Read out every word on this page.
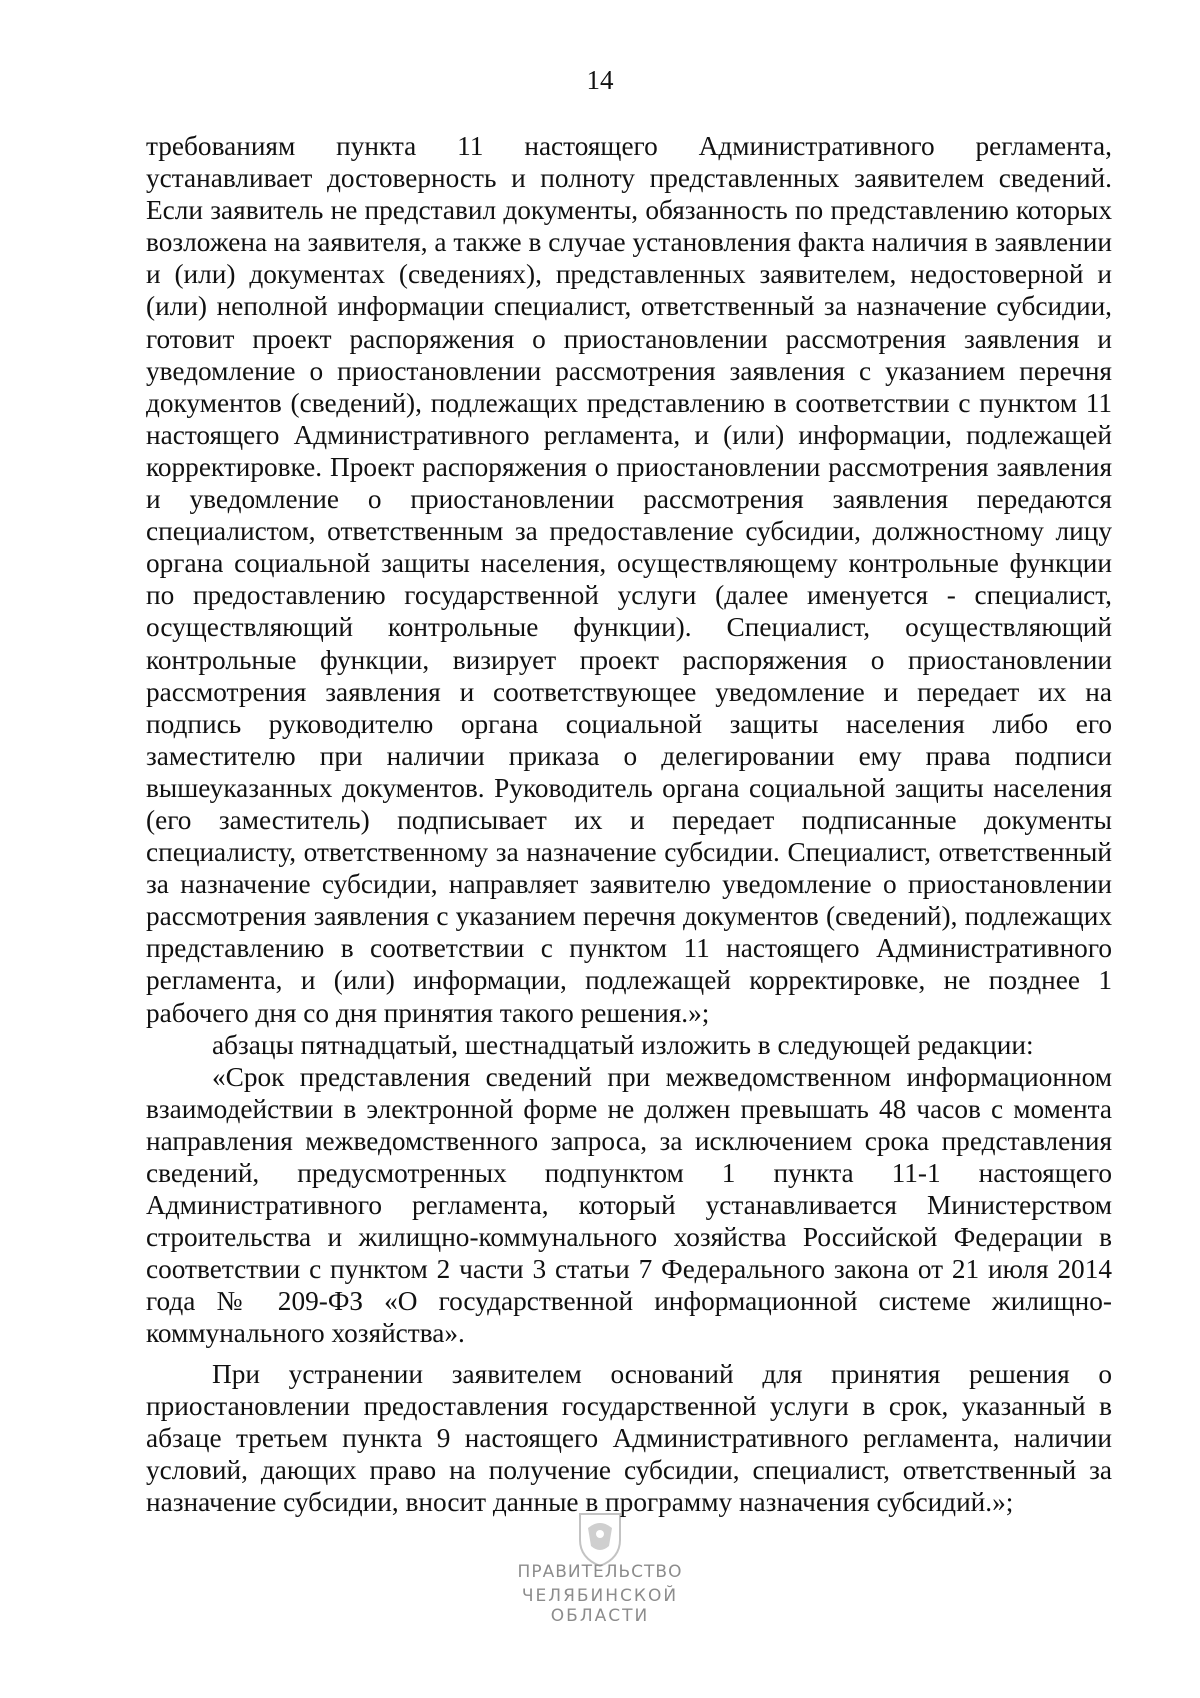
14

требованиям пункта 11 настоящего Административного регламента, устанавливает достоверность и полноту представленных заявителем сведений. Если заявитель не представил документы, обязанность по представлению которых возложена на заявителя, а также в случае установления факта наличия в заявлении и (или) документах (сведениях), представленных заявителем, недостоверной и (или) неполной информации специалист, ответственный за назначение субсидии, готовит проект распоряжения о приостановлении рассмотрения заявления и уведомление о приостановлении рассмотрения заявления с указанием перечня документов (сведений), подлежащих представлению в соответствии с пунктом 11 настоящего Административного регламента, и (или) информации, подлежащей корректировке. Проект распоряжения о приостановлении рассмотрения заявления и уведомление о приостановлении рассмотрения заявления передаются специалистом, ответственным за предоставление субсидии, должностному лицу органа социальной защиты населения, осуществляющему контрольные функции по предоставлению государственной услуги (далее именуется - специалист, осуществляющий контрольные функции). Специалист, осуществляющий контрольные функции, визирует проект распоряжения о приостановлении рассмотрения заявления и соответствующее уведомление и передает их на подпись руководителю органа социальной защиты населения либо его заместителю при наличии приказа о делегировании ему права подписи вышеуказанных документов. Руководитель органа социальной защиты населения (его заместитель) подписывает их и передает подписанные документы специалисту, ответственному за назначение субсидии. Специалист, ответственный за назначение субсидии, направляет заявителю уведомление о приостановлении рассмотрения заявления с указанием перечня документов (сведений), подлежащих представлению в соответствии с пунктом 11 настоящего Административного регламента, и (или) информации, подлежащей корректировке, не позднее 1 рабочего дня со дня принятия такого решения.»;

абзацы пятнадцатый, шестнадцатый изложить в следующей редакции:

«Срок представления сведений при межведомственном информационном взаимодействии в электронной форме не должен превышать 48 часов с момента направления межведомственного запроса, за исключением срока представления сведений, предусмотренных подпунктом 1 пункта 11-1 настоящего Административного регламента, который устанавливается Министерством строительства и жилищно-коммунального хозяйства Российской Федерации в соответствии с пунктом 2 части 3 статьи 7 Федерального закона от 21 июля 2014 года № 209-ФЗ «О государственной информационной системе жилищно-коммунального хозяйства».

При устранении заявителем оснований для принятия решения о приостановлении предоставления государственной услуги в срок, указанный в абзаце третьем пункта 9 настоящего Административного регламента, наличии условий, дающих право на получение субсидии, специалист, ответственный за назначение субсидии, вносит данные в программу назначения субсидий.»;

ПРАВИТЕЛЬСТВО
ЧЕЛЯБИНСКОЙ ОБЛАСТИ
